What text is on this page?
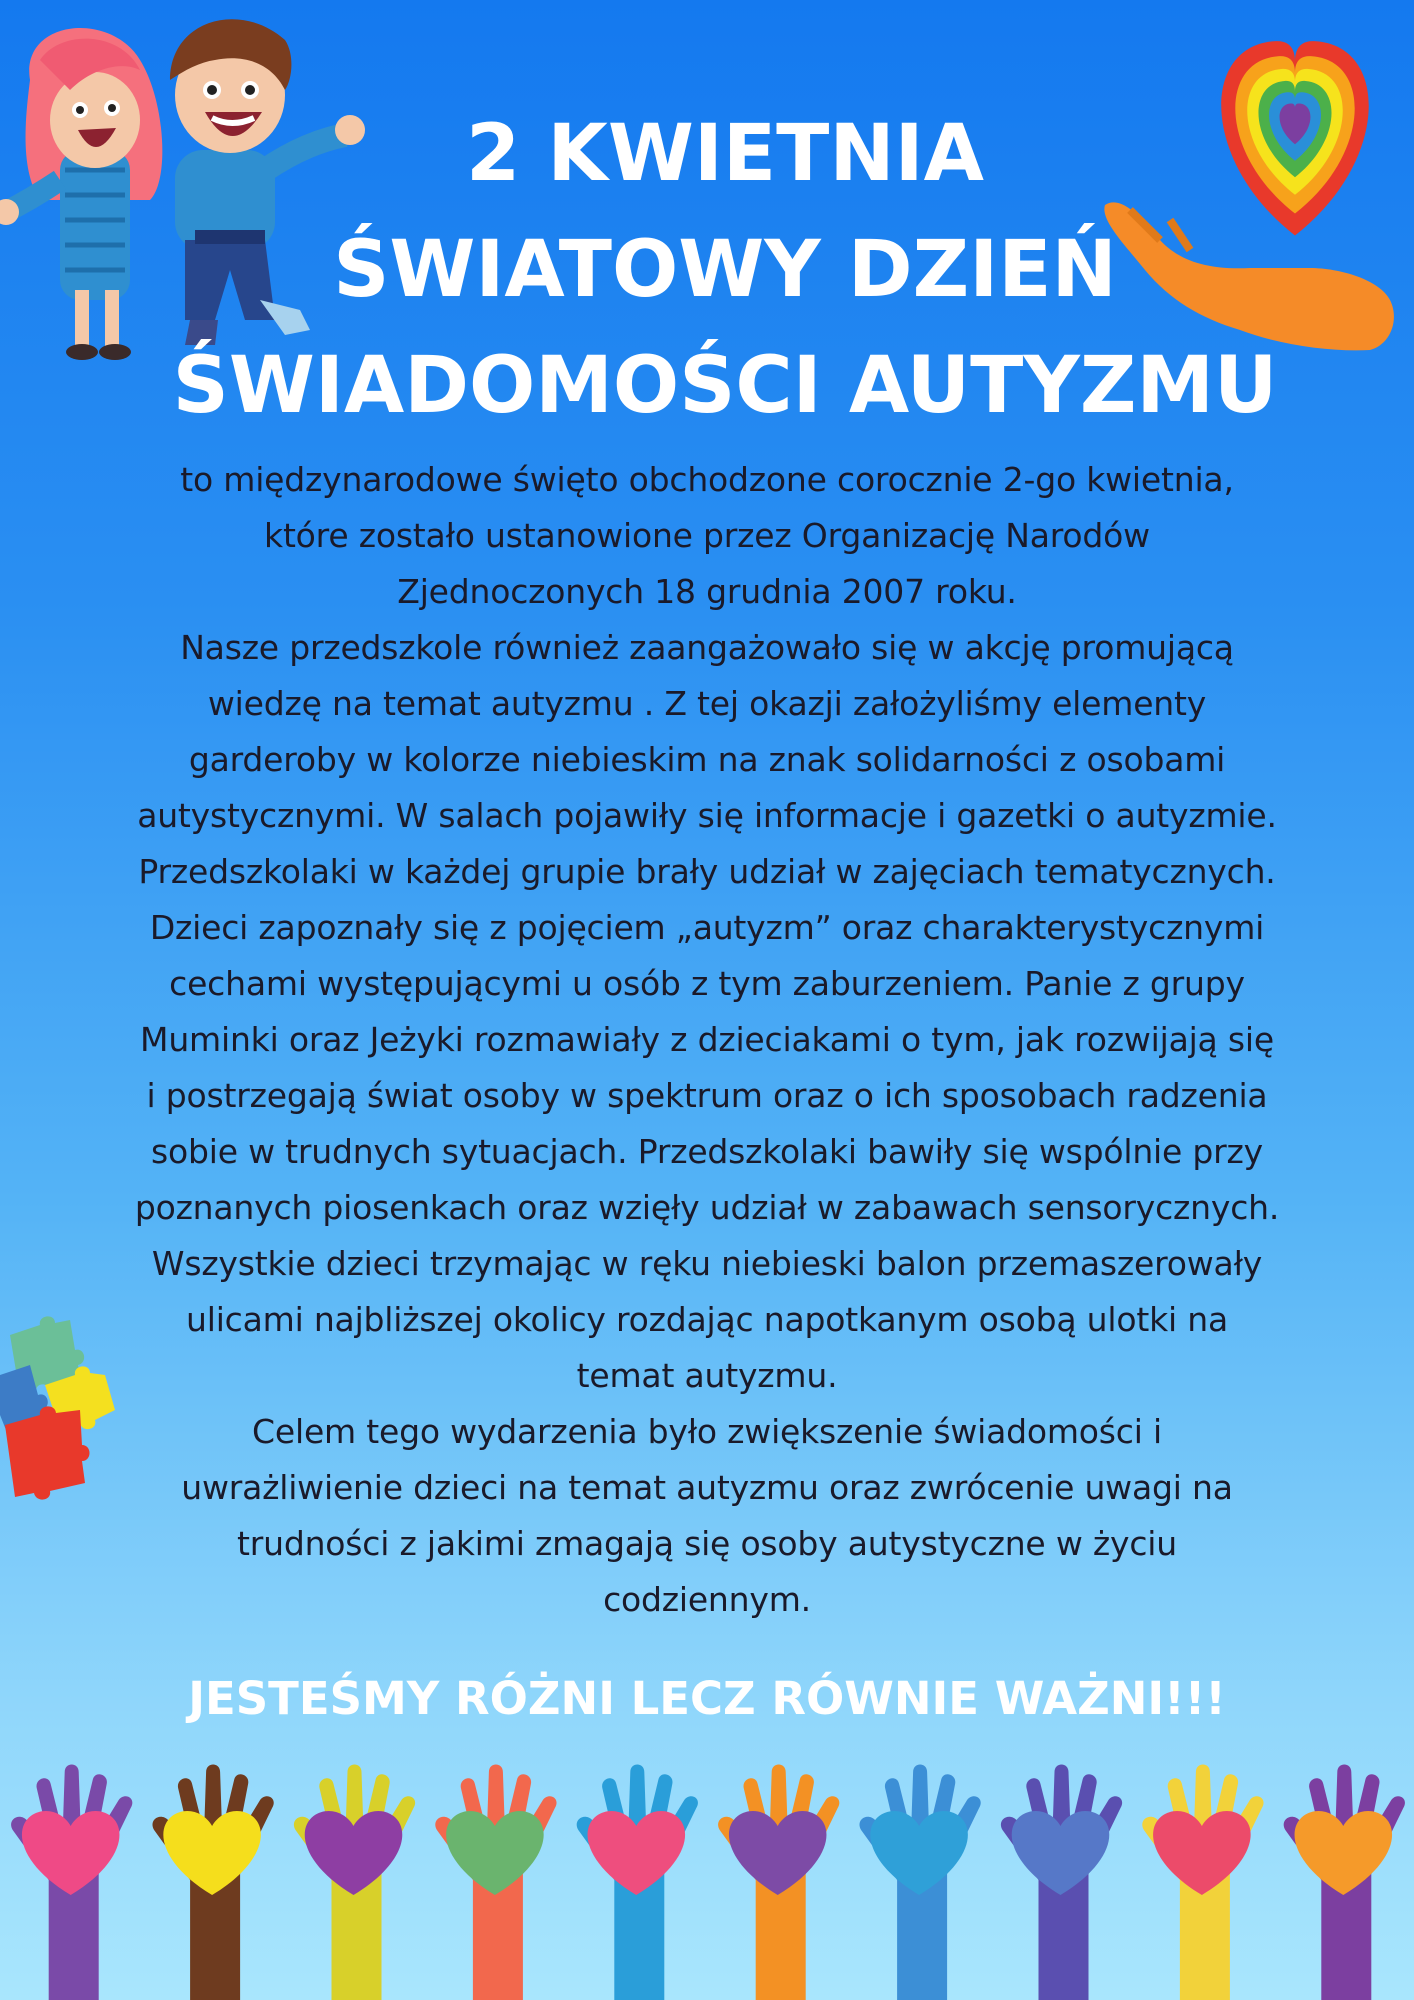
2 KWIETNIA
ŚWIATOWY DZIEŃ
ŚWIADOMOŚCI AUTYZMU

to międzynarodowe święto obchodzone corocznie 2-go kwietnia,
które zostało ustanowione przez Organizację Narodów
Zjednoczonych 18 grudnia 2007 roku.

Nasze przedszkole również zaangażowało się w akcję promującą
wiedzę na temat autyzmu . Z tej okazji założyliśmy elementy
garderoby w kolorze niebieskim na znak solidarności z osobami
autystycznymi. W salach pojawiły się informacje i gazetki o autyzmie.
Przedszkolaki w każdej grupie brały udział w zajęciach tematycznych.
Dzieci zapoznały się z pojęciem „autyzm” oraz charakterystycznymi
cechami występującymi u osób z tym zaburzeniem. Panie z grupy
Muminki oraz Jeżyki rozmawiały z dzieciakami o tym, jak rozwijają się
i postrzegają świat osoby w spektrum oraz o ich sposobach radzenia
sobie w trudnych sytuacjach. Przedszkolaki bawiły się wspólnie przy
poznanych piosenkach oraz wzięły udział w zabawach sensorycznych.
Wszystkie dzieci trzymając w ręku niebieski balon przemaszerowały
ulicami najbliższej okolicy rozdając napotkanym osobą ulotki na
temat autyzmu.

Celem tego wydarzenia było zwiększenie świadomości i
uwrażliwienie dzieci na temat autyzmu oraz zwrócenie uwagi na
trudności z jakimi zmagają się osoby autystyczne w życiu
codziennym.

JESTEŚMY RÓŻNI LECZ RÓWNIE WAŻNI!!!
